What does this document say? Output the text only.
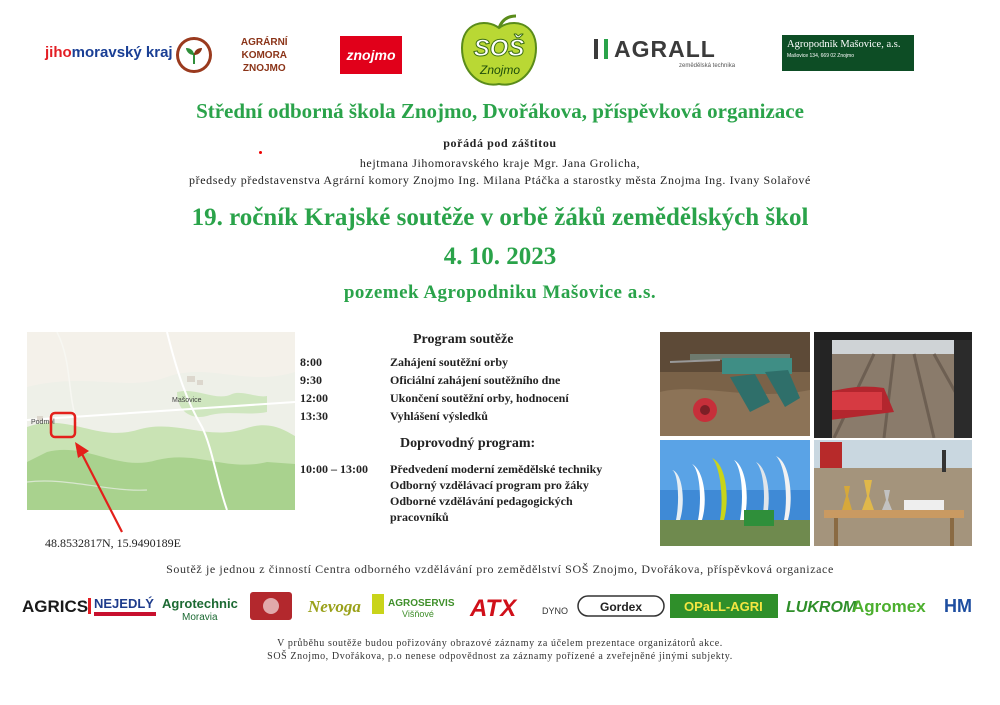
jihomoravský kraj
AGRÁRNÍ KOMORA
ZNOJMO
znojmo	SOŠ
Znojmo
AGRALL
zemědělská technika
Agropodnik Mašovice, a.s.
Mašovice 134, 669 02 Znojmo
Střední odborná škola Znojmo, Dvořákova, příspěvková organizace
pořádá pod záštitou
hejtmana Jihomoravského kraje Mgr. Jana Grolicha,
předsedy představenstva Agrární komory Znojmo Ing. Milana Ptáčka a starostky města Znojma Ing. Ivany Solařové
19. ročník Krajské soutěže v orbě žáků zemědělských škol
4. 10. 2023
pozemek Agropodniku Mašovice a.s.
Mašovice
Podmol
48.8532817N, 15.9490189E
Program soutěže
8:00	Zahájení soutěžní orby
9:30	Oficiální zahájení soutěžního dne
12:00	Ukončení soutěžní orby, hodnocení
13:30	Vyhlášení výsledků
Doprovodný program:
10:00 – 13:00 Předvedení moderní zemědělské techniky
Odborný vzdělávací program pro žáky
Odborné vzdělávání pedagogických
pracovníků
Soutěž je jednou z činností Centra odborného vzdělávání pro zemědělství SOŠ Znojmo, Dvořákova, příspěvková organizace
AGRICS NEJEDLÝ Agrotechnic
Moravia
Nevoga	AGROSERVIS
Višňové ATX	DYNO	Gordex	OPaLL-AGRI LUKROM
Agromex HM
V průběhu soutěže budou pořizovány obrazové záznamy za účelem prezentace organizátorů akce.
SOŠ Znojmo, Dvořákova, p.o nenese odpovědnost za záznamy pořízené a zveřejněné jinými subjekty.
